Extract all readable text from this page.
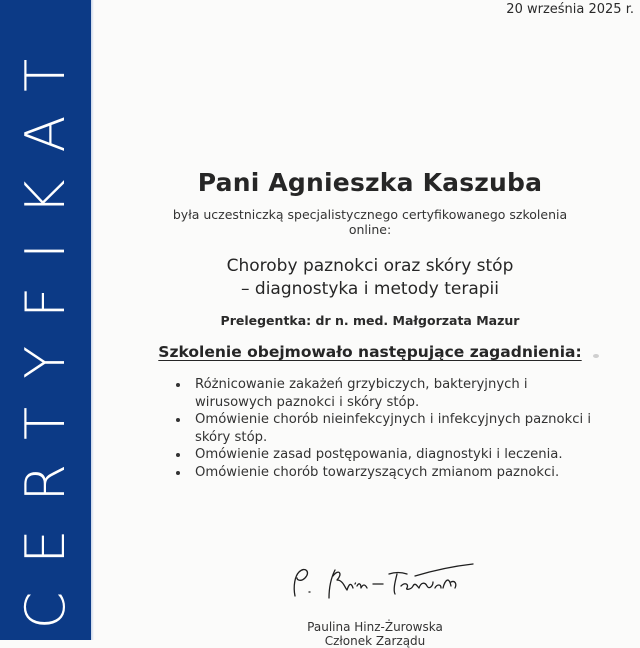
CERTYFIKAT
20 września 2025 r.
Pani Agnieszka Kaszuba
była uczestniczką specjalistycznego certyfikowanego szkolenia online:
Choroby paznokci oraz skóry stóp
– diagnostyka i metody terapii
Prelegentka: dr n. med. Małgorzata Mazur
Szkolenie obejmowało następujące zagadnienia:
Różnicowanie zakażeń grzybiczych, bakteryjnych i wirusowych paznokci i skóry stóp.
Omówienie chorób nieinfekcyjnych i infekcyjnych paznokci i skóry stóp.
Omówienie zasad postępowania, diagnostyki i leczenia.
Omówienie chorób towarzyszących zmianom paznokci.
Paulina Hinz-Żurowska
Członek Zarządu
